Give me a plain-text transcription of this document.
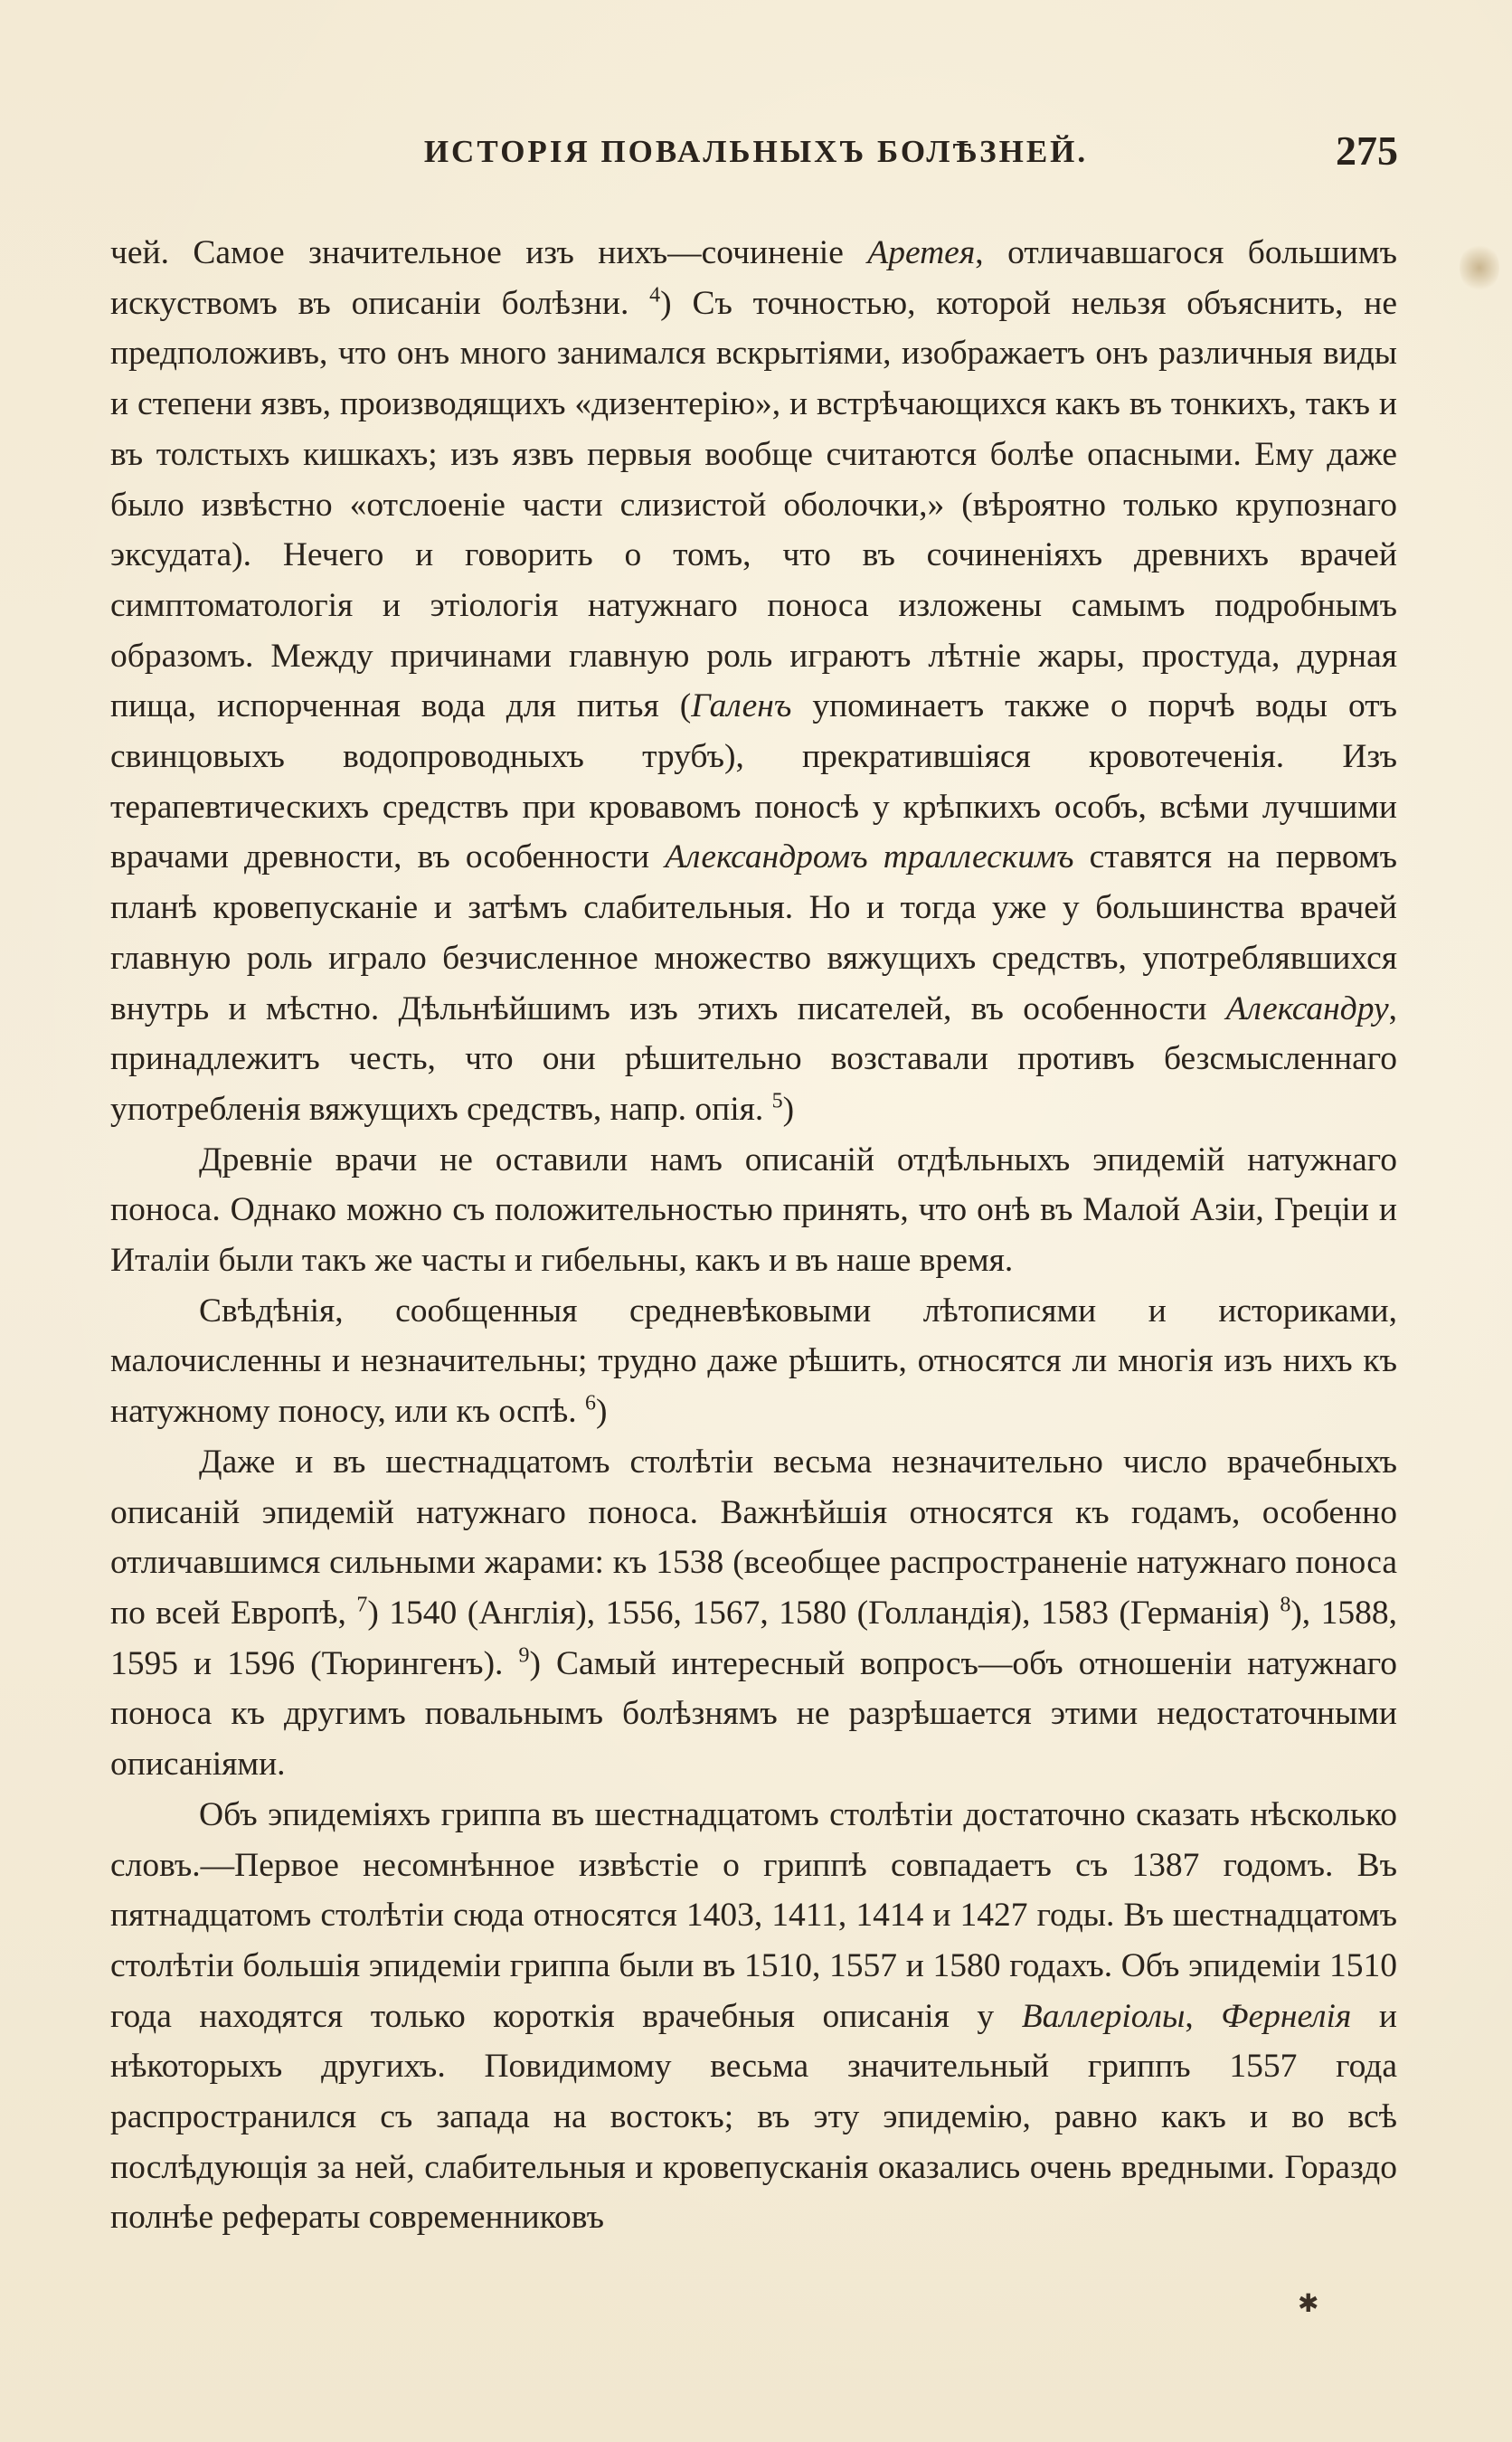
✱
ИСТОРІЯ ПОВАЛЬНЫХЪ БОЛѢЗНЕЙ.	275

чей. Самое значительное изъ нихъ—сочиненіе Аретея, отличавшагося большимъ искуствомъ въ описаніи болѣзни. $^4$) Съ точностью, которой нельзя объяснить, не предположивъ, что онъ много занимался вскрытіями, изображаетъ онъ различныя виды и степени язвъ, производящихъ «дизентерію», и встрѣчающихся какъ въ тонкихъ, такъ и въ толстыхъ кишкахъ; изъ язвъ первыя вообще считаются болѣе опасными. Ему даже было извѣстно «отслоеніе части слизистой оболочки,» (вѣроятно только крупознаго эксудата). Нечего и говорить о томъ, что въ сочиненіяхъ древнихъ врачей симптоматологія и этіологія натужнаго поноса изложены самымъ подробнымъ образомъ. Между причинами главную роль играютъ лѣтніе жары, простуда, дурная пища, испорченная вода для питья (Галенъ упоминаетъ также о порчѣ воды отъ свинцовыхъ водопроводныхъ трубъ), прекратившіяся кровотеченія. Изъ терапевтическихъ средствъ при кровавомъ поносѣ у крѣпкихъ особъ, всѣми лучшими врачами древности, въ особенности Александромъ траллескимъ ставятся на первомъ планѣ кровепусканіе и затѣмъ слабительныя. Но и тогда уже у большинства врачей главную роль играло безчисленное множество вяжущихъ средствъ, употреблявшихся внутрь и мѣстно. Дѣльнѣйшимъ изъ этихъ писателей, въ особенности Александру, принадлежитъ честь, что они рѣшительно возставали противъ безсмысленнаго употребленія вяжущихъ средствъ, напр. опія. $^5$)

Древніе врачи не оставили намъ описаній отдѣльныхъ эпидемій натужнаго поноса. Однако можно съ положительностью принять, что онѣ въ Малой Азіи, Греціи и Италіи были такъ же часты и гибельны, какъ и въ наше время.

Свѣдѣнія, сообщенныя средневѣковыми лѣтописями и историками, малочисленны и незначительны; трудно даже рѣшить, относятся ли многія изъ нихъ къ натужному поносу, или къ оспѣ. $^6$)

Даже и въ шестнадцатомъ столѣтіи весьма незначительно число врачебныхъ описаній эпидемій натужнаго поноса. Важнѣйшія относятся къ годамъ, особенно отличавшимся сильными жарами: къ 1538 (всеобщее распространеніе натужнаго поноса по всей Европѣ, $^7$) 1540 (Англія), 1556, 1567, 1580 (Голландія), 1583 (Германія) $^8$), 1588, 1595 и 1596 (Тюрингенъ). $^9$) Самый интересный вопросъ—объ отношеніи натужнаго поноса къ другимъ повальнымъ болѣзнямъ не разрѣшается этими недостаточными описаніями.

Объ эпидеміяхъ гриппа въ шестнадцатомъ столѣтіи достаточно сказать нѣсколько словъ.—Первое несомнѣнное извѣстіе о гриппѣ совпадаетъ съ 1387 годомъ. Въ пятнадцатомъ столѣтіи сюда относятся 1403, 1411, 1414 и 1427 годы. Въ шестнадцатомъ столѣтіи большія эпидеміи гриппа были въ 1510, 1557 и 1580 годахъ. Объ эпидеміи 1510 года находятся только короткія врачебныя описанія у Валлеріолы, Фернелія и нѣкоторыхъ другихъ. Повидимому весьма значительный гриппъ 1557 года распространился съ запада на востокъ; въ эту эпидемію, равно какъ и во всѣ послѣдующія за ней, слабительныя и кровепусканія оказались очень вредными. Гораздо полнѣе рефераты современниковъ
